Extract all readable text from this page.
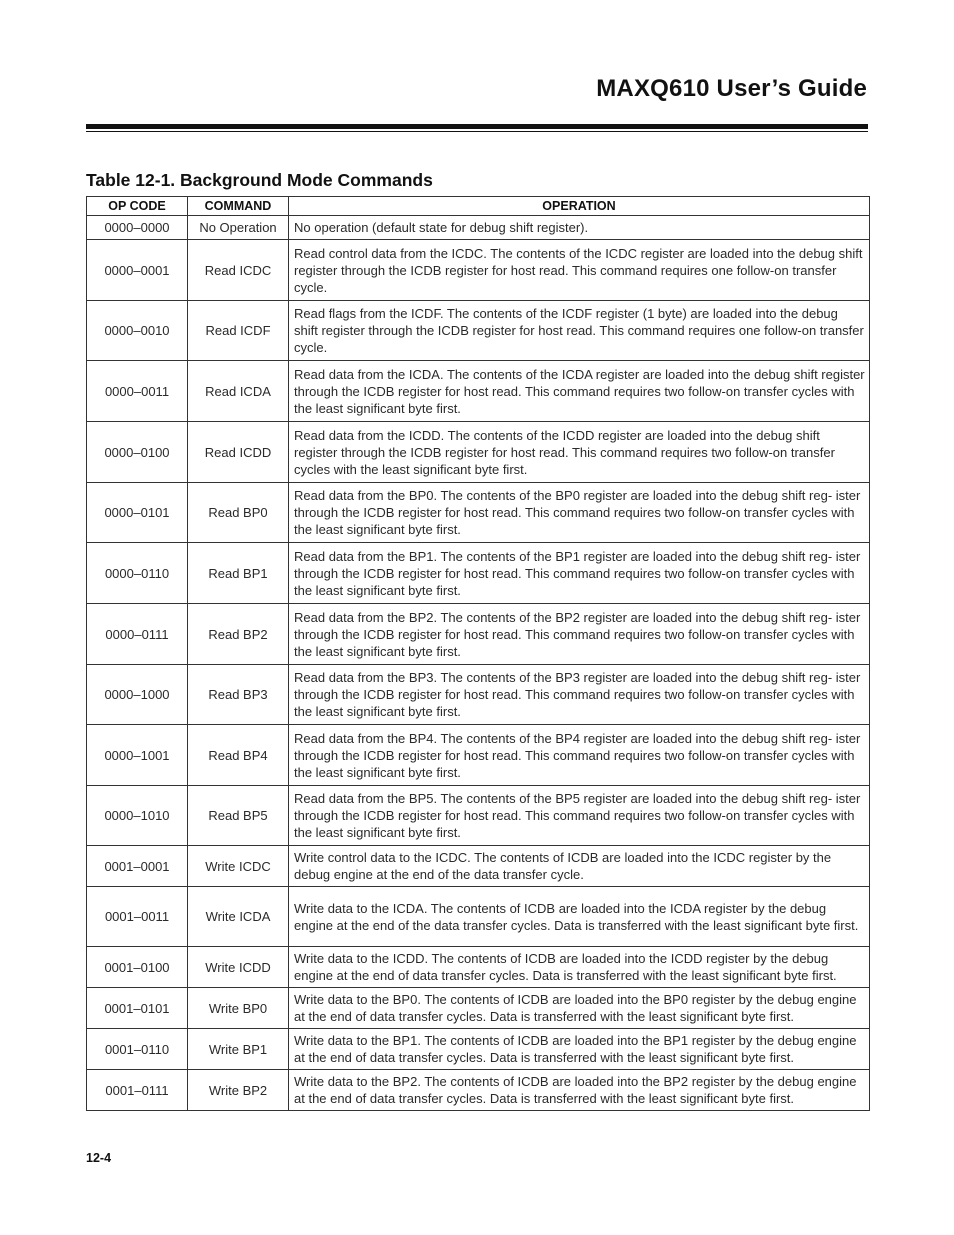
MAXQ610 User’s Guide
Table 12-1. Background Mode Commands
OP CODE	COMMAND	OPERATION
0000–0000	No Operation	No operation (default state for debug shift register).
0000–0001	Read ICDC	Read control data from the ICDC. The contents of the ICDC register are loaded into the debug shift register through the ICDB register for host read. This command requires one follow-on transfer cycle.
0000–0010	Read ICDF	Read flags from the ICDF. The contents of the ICDF register (1 byte) are loaded into the debug shift register through the ICDB register for host read. This command requires one follow-on transfer cycle.
0000–0011	Read ICDA	Read data from the ICDA. The contents of the ICDA register are loaded into the debug shift register through the ICDB register for host read. This command requires two follow-on transfer cycles with the least significant byte first.
0000–0100	Read ICDD	Read data from the ICDD. The contents of the ICDD register are loaded into the debug shift register through the ICDB register for host read. This command requires two follow-on transfer cycles with the least significant byte first.
0000–0101	Read BP0	Read data from the BP0. The contents of the BP0 register are loaded into the debug shift reg- ister through the ICDB register for host read. This command requires two follow-on transfer cycles with the least significant byte first.
0000–0110	Read BP1	Read data from the BP1. The contents of the BP1 register are loaded into the debug shift reg- ister through the ICDB register for host read. This command requires two follow-on transfer cycles with the least significant byte first.
0000–0111	Read BP2	Read data from the BP2. The contents of the BP2 register are loaded into the debug shift reg- ister through the ICDB register for host read. This command requires two follow-on transfer cycles with the least significant byte first.
0000–1000	Read BP3	Read data from the BP3. The contents of the BP3 register are loaded into the debug shift reg- ister through the ICDB register for host read. This command requires two follow-on transfer cycles with the least significant byte first.
0000–1001	Read BP4	Read data from the BP4. The contents of the BP4 register are loaded into the debug shift reg- ister through the ICDB register for host read. This command requires two follow-on transfer cycles with the least significant byte first.
0000–1010	Read BP5	Read data from the BP5. The contents of the BP5 register are loaded into the debug shift reg- ister through the ICDB register for host read. This command requires two follow-on transfer cycles with the least significant byte first.
0001–0001	Write ICDC	Write control data to the ICDC. The contents of ICDB are loaded into the ICDC register by the debug engine at the end of the data transfer cycle.
0001–0011	Write ICDA	Write data to the ICDA. The contents of ICDB are loaded into the ICDA register by the debug engine at the end of the data transfer cycles. Data is transferred with the least significant byte first.
0001–0100	Write ICDD	Write data to the ICDD. The contents of ICDB are loaded into the ICDD register by the debug engine at the end of data transfer cycles. Data is transferred with the least significant byte first.
0001–0101	Write BP0	Write data to the BP0. The contents of ICDB are loaded into the BP0 register by the debug engine at the end of data transfer cycles. Data is transferred with the least significant byte first.
0001–0110	Write BP1	Write data to the BP1. The contents of ICDB are loaded into the BP1 register by the debug engine at the end of data transfer cycles. Data is transferred with the least significant byte first.
0001–0111	Write BP2	Write data to the BP2. The contents of ICDB are loaded into the BP2 register by the debug engine at the end of data transfer cycles. Data is transferred with the least significant byte first.
12-4
